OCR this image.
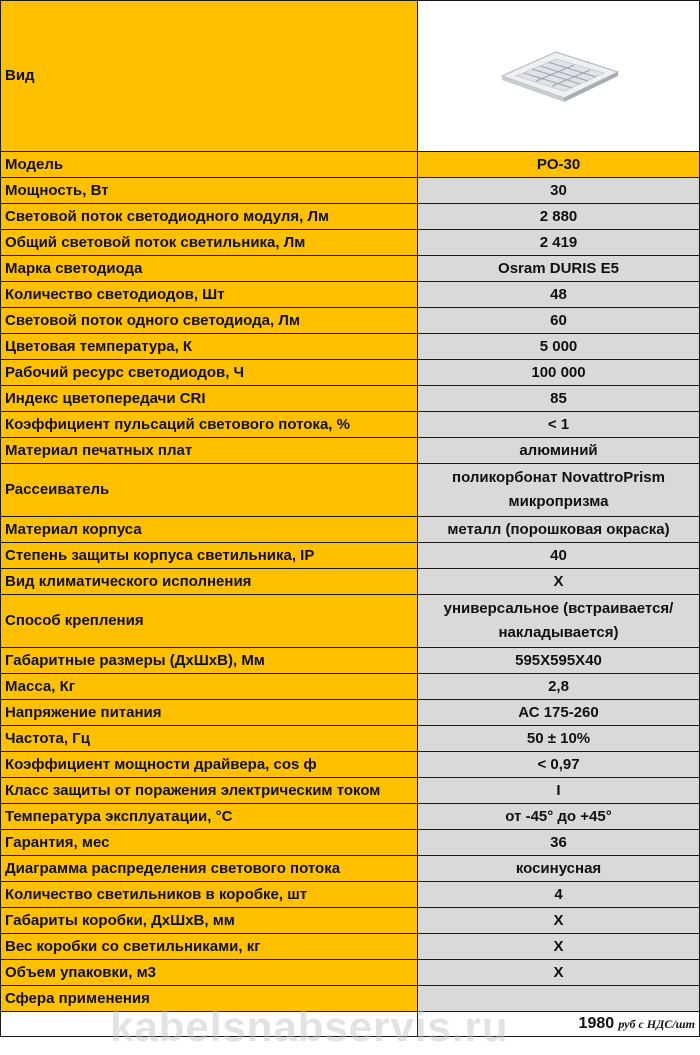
Вид	

Модель	PO-30
Мощность, Вт	30
Световой поток светодиодного модуля, Лм	2 880
Общий световой поток светильника, Лм	2 419
Марка светодиода	Osram DURIS E5
Количество светодиодов, Шт	48
Световой поток одного светодиода, Лм	60
Цветовая температура, К	5 000
Рабочий ресурс светодиодов, Ч	100 000
Индекс цветопередачи CRI	85
Коэффициент пульсаций светового потока, %	< 1
Материал печатных плат	алюминий
Рассеиватель	поликорбонат NovattroPrism микропризма
Материал корпуса	металл (порошковая окраска)
Степень защиты корпуса светильника, IP	40
Вид климатического исполнения	Х
Способ крепления	универсальное (встраивается/накладывается)
Габаритные размеры (ДхШхВ), Мм	595Х595Х40
Масса, Кг	2,8
Напряжение питания	АС 175-260
Частота, Гц	50 ± 10%
Коэффициент мощности драйвера, cos ф	< 0,97
Класс защиты от поражения электрическим током	I
Температура эксплуатации, °С	от -45° до +45°
Гарантия, мес	36
Диаграмма распределения светового потока	косинусная
Количество светильников в коробке, шт	4
Габариты коробки, ДхШхВ, мм	Х
Вес коробки со светильниками, кг	Х
Объем упаковки, м3	Х
Сфера применения	
	1980 руб с НДС/шт
kabelsnabservis.ru
